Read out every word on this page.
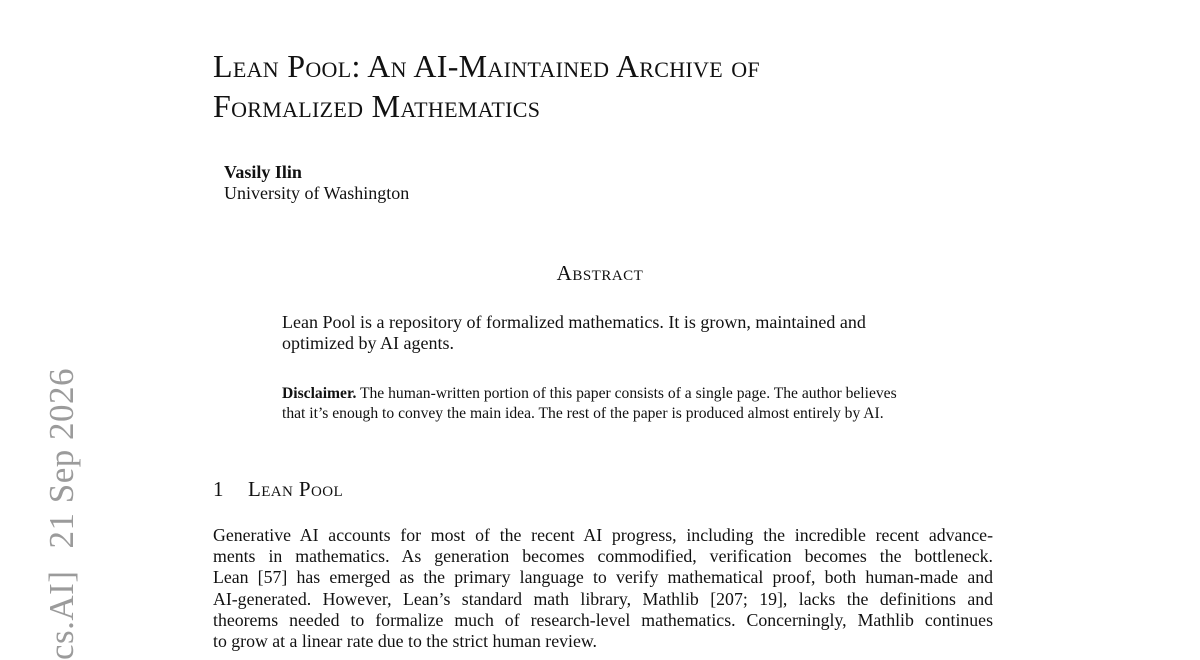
cs.AI]21 Sep 2026
Lean Pool: An AI-Maintained Archive of
Formalized Mathematics
Vasily Ilin
University of Washington
Abstract

Lean Pool is a repository of formalized mathematics. It is grown, maintained and optimized by AI agents.

Disclaimer. The human-written portion of this paper consists of a single page. The author believes that it’s enough to convey the main idea. The rest of the paper is produced almost entirely by AI.

1 Lean Pool

Generative AI accounts for most of the recent AI progress, including the incredible recent advance-
ments in mathematics. As generation becomes commodified, verification becomes the bottleneck.
Lean [57] has emerged as the primary language to verify mathematical proof, both human-made and
AI-generated. However, Lean’s standard math library, Mathlib [207; 19], lacks the definitions and
theorems needed to formalize much of research-level mathematics. Concerningly, Mathlib continues
to grow at a linear rate due to the strict human review.
